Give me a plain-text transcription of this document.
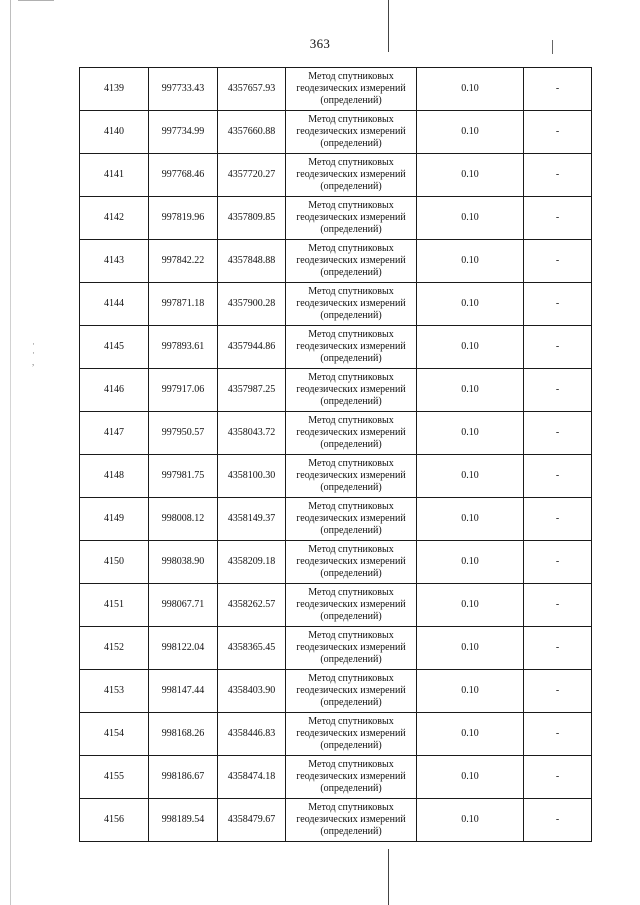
·
·
,
363
4139	997733.43	4357657.93	Метод спутниковых
геодезических измерений
(определений)	0.10	-
4140	997734.99	4357660.88	Метод спутниковых
геодезических измерений
(определений)	0.10	-
4141	997768.46	4357720.27	Метод спутниковых
геодезических измерений
(определений)	0.10	-
4142	997819.96	4357809.85	Метод спутниковых
геодезических измерений
(определений)	0.10	-
4143	997842.22	4357848.88	Метод спутниковых
геодезических измерений
(определений)	0.10	-
4144	997871.18	4357900.28	Метод спутниковых
геодезических измерений
(определений)	0.10	-
4145	997893.61	4357944.86	Метод спутниковых
геодезических измерений
(определений)	0.10	-
4146	997917.06	4357987.25	Метод спутниковых
геодезических измерений
(определений)	0.10	-
4147	997950.57	4358043.72	Метод спутниковых
геодезических измерений
(определений)	0.10	-
4148	997981.75	4358100.30	Метод спутниковых
геодезических измерений
(определений)	0.10	-
4149	998008.12	4358149.37	Метод спутниковых
геодезических измерений
(определений)	0.10	-
4150	998038.90	4358209.18	Метод спутниковых
геодезических измерений
(определений)	0.10	-
4151	998067.71	4358262.57	Метод спутниковых
геодезических измерений
(определений)	0.10	-
4152	998122.04	4358365.45	Метод спутниковых
геодезических измерений
(определений)	0.10	-
4153	998147.44	4358403.90	Метод спутниковых
геодезических измерений
(определений)	0.10	-
4154	998168.26	4358446.83	Метод спутниковых
геодезических измерений
(определений)	0.10	-
4155	998186.67	4358474.18	Метод спутниковых
геодезических измерений
(определений)	0.10	-
4156	998189.54	4358479.67	Метод спутниковых
геодезических измерений
(определений)	0.10	-
